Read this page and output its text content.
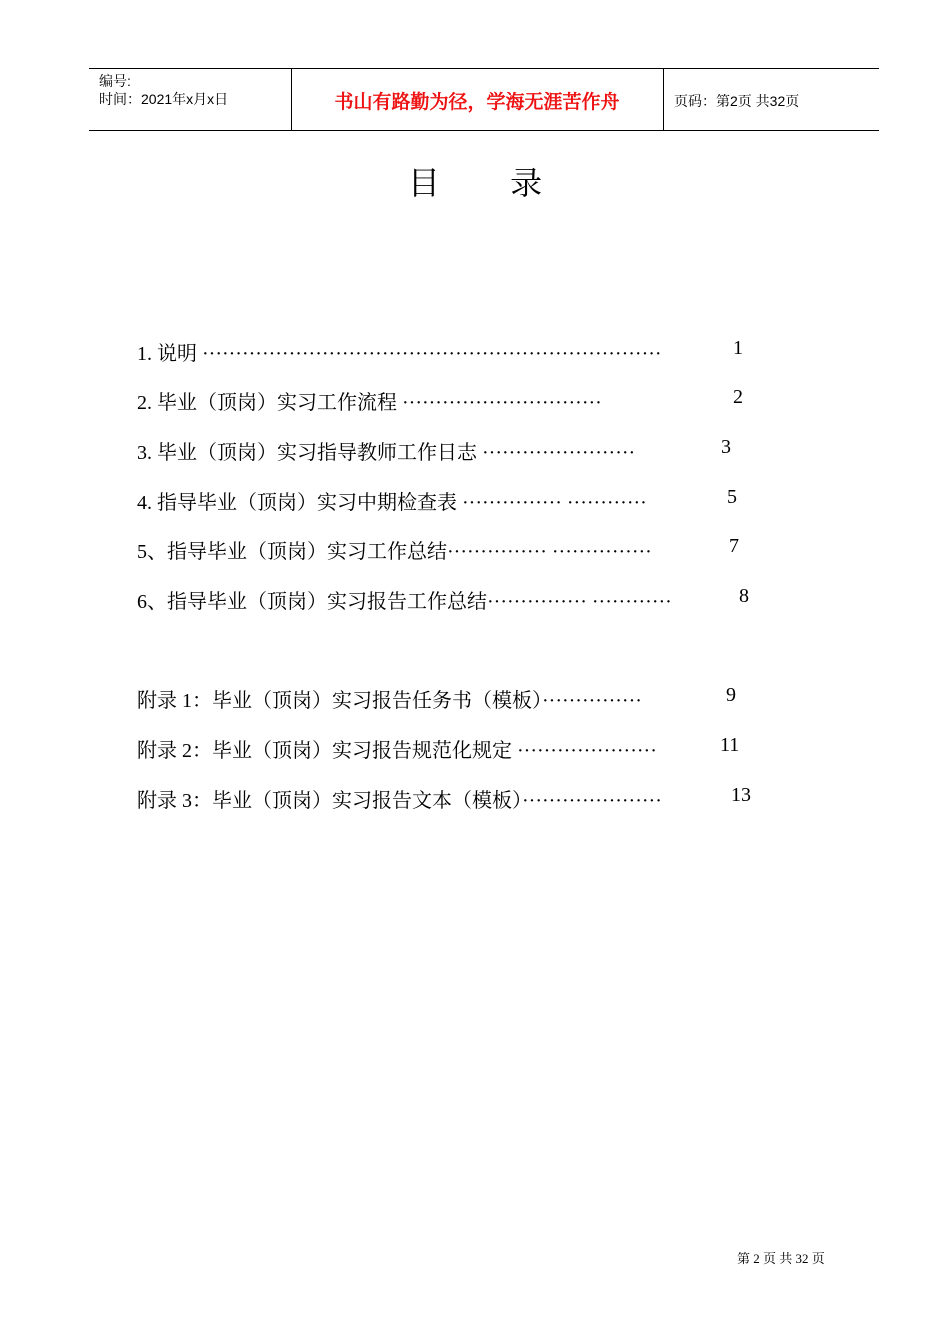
编号:
时间：2021年x月x日	书山有路勤为径，学海无涯苦作舟	页码：第2页 共32页
目 录
1. 说明 ·····································································	1
2. 毕业（顶岗）实习工作流程 ······························	2
3. 毕业（顶岗）实习指导教师工作日志 ·······················	3
4. 指导毕业（顶岗）实习中期检查表 ··············· ············	5
5、指导毕业（顶岗）实习工作总结··············· ···············	7
6、指导毕业（顶岗）实习报告工作总结··············· ············	8
附录 1：毕业（顶岗）实习报告任务书（模板）···············	9
附录 2：毕业（顶岗）实习报告规范化规定 ·····················	11
附录 3：毕业（顶岗）实习报告文本（模板）·····················	13
第 2 页 共 32 页
